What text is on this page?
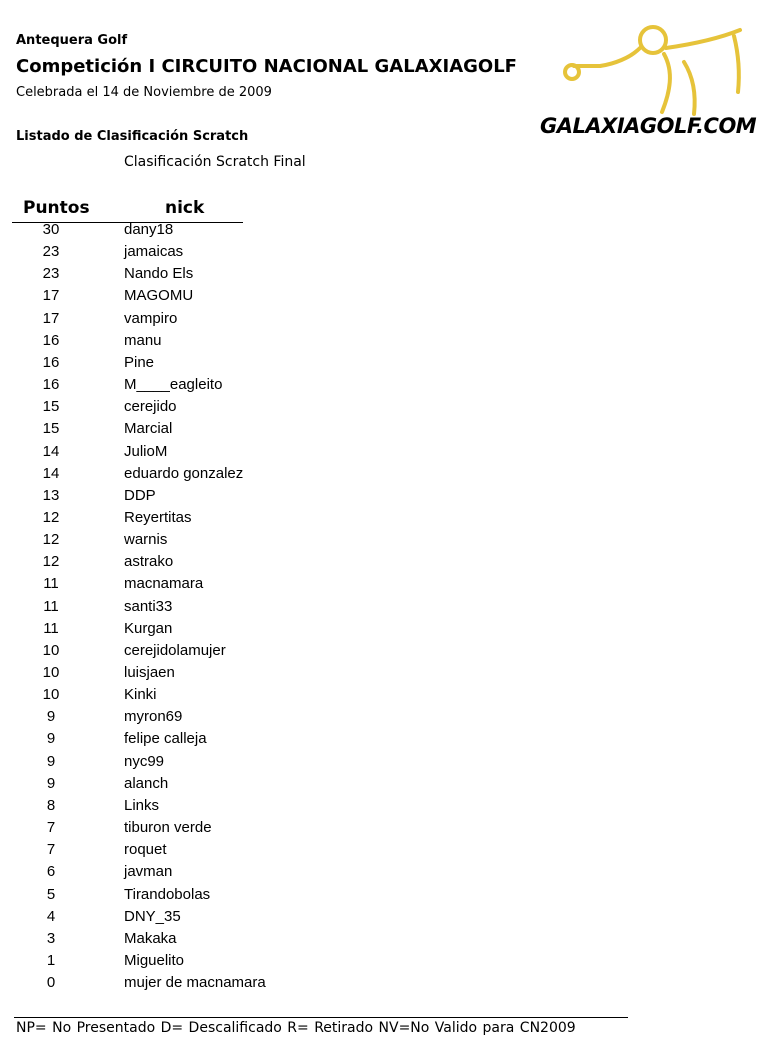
Antequera Golf
Competición I CIRCUITO NACIONAL GALAXIAGOLF
Celebrada el 14 de Noviembre de 2009
Listado de Clasificación Scratch
Clasificación Scratch Final
GALAXIAGOLF.COM
Puntos	nick
30	dany18
23	jamaicas
23	Nando Els
17	MAGOMU
17	vampiro
16	manu
16	Pine
16	M____eagleito
15	cerejido
15	Marcial
14	JulioM
14	eduardo gonzalez
13	DDP
12	Reyertitas
12	warnis
12	astrako
11	macnamara
11	santi33
11	Kurgan
10	cerejidolamujer
10	luisjaen
10	Kinki
9	myron69
9	felipe calleja
9	nyc99
9	alanch
8	Links
7	tiburon verde
7	roquet
6	javman
5	Tirandobolas
4	DNY_35
3	Makaka
1	Miguelito
0	mujer de macnamara
NP= No Presentado D= Descalificado R= Retirado NV=No Valido para CN2009
